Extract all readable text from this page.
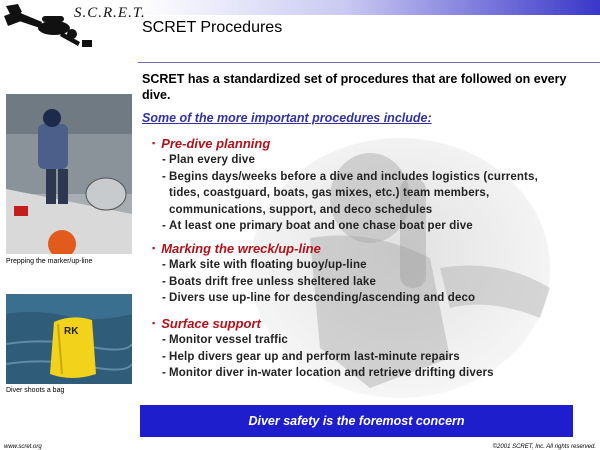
S.C.R.E.T.
SCRET Procedures
Prepping the marker/up-line
RK
Diver shoots a bag
SCRET has a standardized set of procedures that are followed on every dive.
Some of the more important procedures include:
▪ Pre-dive planning
- Plan every dive
- Begins days/weeks before a dive and includes logistics (currents, tides, coastguard, boats, gas mixes, etc.) team members, communications, support, and deco schedules
- At least one primary boat and one chase boat per dive
▪ Marking the wreck/up-line
- Mark site with floating buoy/up-line
- Boats drift free unless sheltered lake
- Divers use up-line for descending/ascending and deco
▪ Surface support
- Monitor vessel traffic
- Help divers gear up and perform last-minute repairs
- Monitor diver in-water location and retrieve drifting divers
Diver safety is the foremost concern
www.scret.org	©2001 SCRET, Inc. All rights reserved.
